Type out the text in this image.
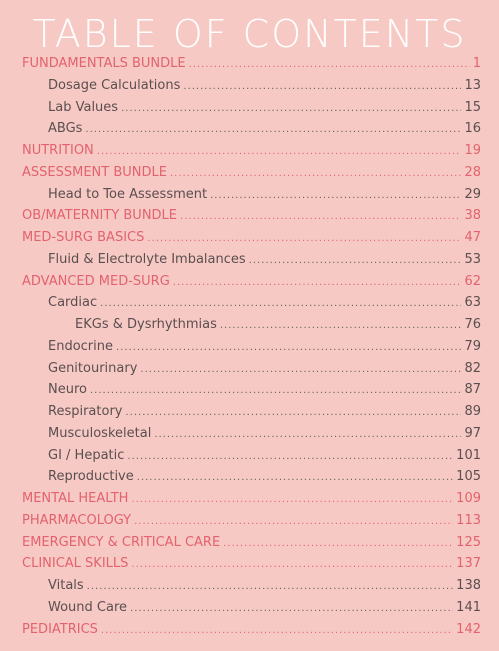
TABLE OF CONTENTS
FUNDAMENTALS BUNDLE .....	1
Dosage Calculations .....	13
Lab Values .....	15
ABGs .....	16
NUTRITION .....	19
ASSESSMENT BUNDLE .....	28
Head to Toe Assessment .....	29
OB/MATERNITY BUNDLE .....	38
MED-SURG BASICS .....	47
Fluid & Electrolyte Imbalances .....	53
ADVANCED MED-SURG .....	62
Cardiac .....	63
EKGs & Dysrhythmias .....	76
Endocrine .....	79
Genitourinary .....	82
Neuro .....	87
Respiratory .....	89
Musculoskeletal .....	97
GI / Hepatic .....	101
Reproductive .....	105
MENTAL HEALTH .....	109
PHARMACOLOGY .....	113
EMERGENCY & CRITICAL CARE .....	125
CLINICAL SKILLS .....	137
Vitals .....	138
Wound Care .....	141
PEDIATRICS .....	142
